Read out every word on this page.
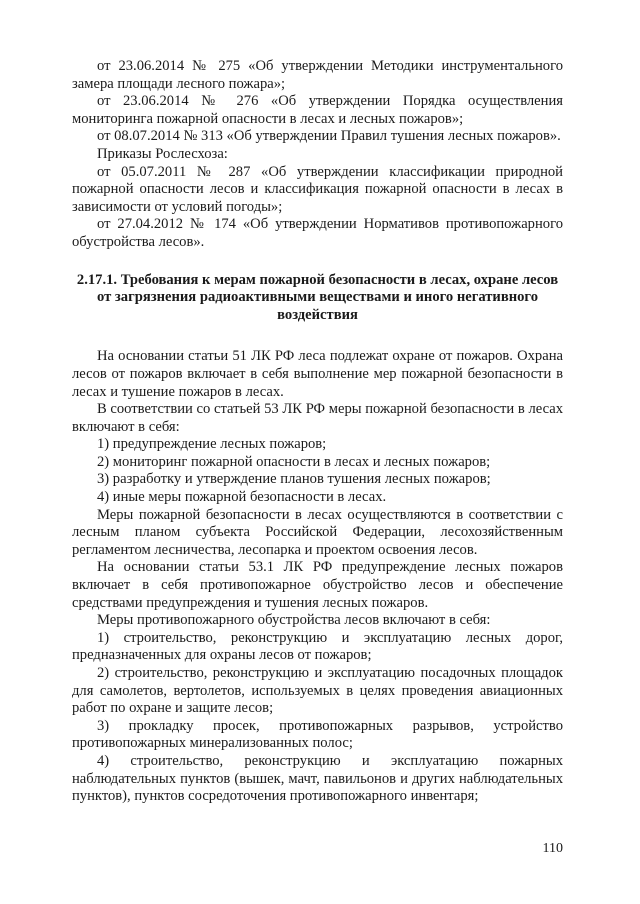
от 23.06.2014 № 275 «Об утверждении Методики инструментального замера площади лесного пожара»;

от 23.06.2014 № 276 «Об утверждении Порядка осуществления мониторинга пожарной опасности в лесах и лесных пожаров»;

от 08.07.2014 № 313 «Об утверждении Правил тушения лесных пожаров».

Приказы Рослесхоза:

от 05.07.2011 № 287 «Об утверждении классификации природной пожарной опасности лесов и классификация пожарной опасности в лесах в зависимости от условий погоды»;

от 27.04.2012 № 174 «Об утверждении Нормативов противопожарного обустройства лесов».

2.17.1. Требования к мерам пожарной безопасности в лесах, охране лесов от загрязнения радиоактивными веществами и иного негативного воздействия

На основании статьи 51 ЛК РФ леса подлежат охране от пожаров. Охрана лесов от пожаров включает в себя выполнение мер пожарной безопасности в лесах и тушение пожаров в лесах.

В соответствии со статьей 53 ЛК РФ меры пожарной безопасности в лесах включают в себя:

1) предупреждение лесных пожаров;

2) мониторинг пожарной опасности в лесах и лесных пожаров;

3) разработку и утверждение планов тушения лесных пожаров;

4) иные меры пожарной безопасности в лесах.

Меры пожарной безопасности в лесах осуществляются в соответствии с лесным планом субъекта Российской Федерации, лесохозяйственным регламентом лесничества, лесопарка и проектом освоения лесов.

На основании статьи 53.1 ЛК РФ предупреждение лесных пожаров включает в себя противопожарное обустройство лесов и обеспечение средствами предупреждения и тушения лесных пожаров.

Меры противопожарного обустройства лесов включают в себя:

1) строительство, реконструкцию и эксплуатацию лесных дорог, предназначенных для охраны лесов от пожаров;

2) строительство, реконструкцию и эксплуатацию посадочных площадок для самолетов, вертолетов, используемых в целях проведения авиационных работ по охране и защите лесов;

3) прокладку просек, противопожарных разрывов, устройство противопожарных минерализованных полос;

4) строительство, реконструкцию и эксплуатацию пожарных наблюдательных пунктов (вышек, мачт, павильонов и других наблюдательных пунктов), пунктов сосредоточения противопожарного инвентаря;

110
